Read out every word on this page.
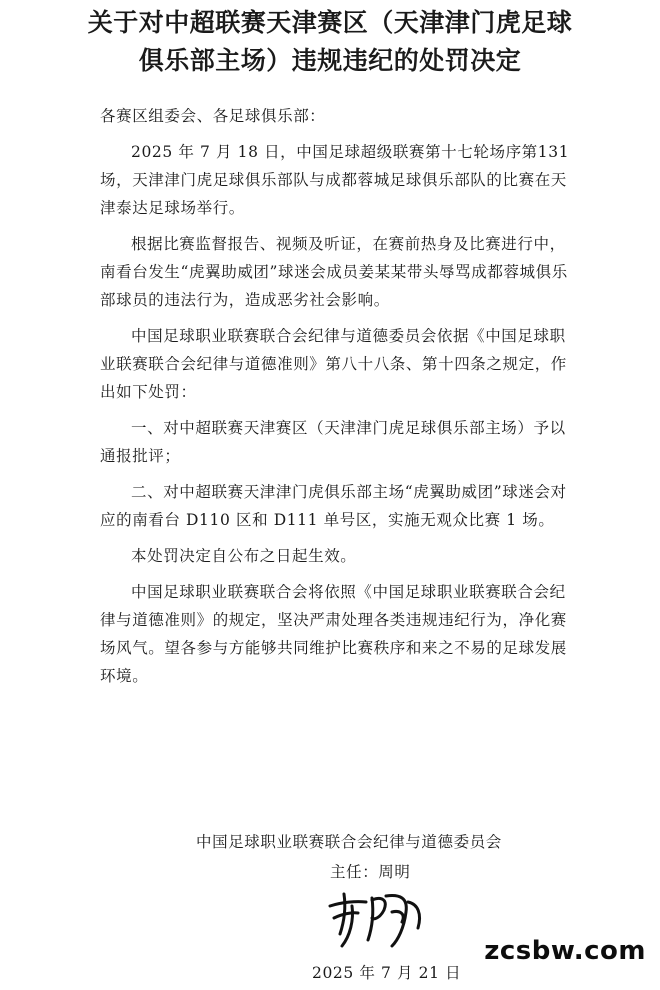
关于对中超联赛天津赛区（天津津门虎足球
俱乐部主场）违规违纪的处罚决定

各赛区组委会、各足球俱乐部：

2025 年 7 月 18 日，中国足球超级联赛第十七轮场序第131 场，天津津门虎足球俱乐部队与成都蓉城足球俱乐部队的比赛在天津泰达足球场举行。

根据比赛监督报告、视频及听证，在赛前热身及比赛进行中，南看台发生“虎翼助威团”球迷会成员姜某某带头辱骂成都蓉城俱乐部球员的违法行为，造成恶劣社会影响。

中国足球职业联赛联合会纪律与道德委员会依据《中国足球职业联赛联合会纪律与道德准则》第八十八条、第十四条之规定，作出如下处罚：

一、对中超联赛天津赛区（天津津门虎足球俱乐部主场）予以通报批评；

二、对中超联赛天津津门虎俱乐部主场“虎翼助威团”球迷会对应的南看台 D110 区和 D111 单号区，实施无观众比赛 1 场。

本处罚决定自公布之日起生效。

中国足球职业联赛联合会将依照《中国足球职业联赛联合会纪律与道德准则》的规定，坚决严肃处理各类违规违纪行为，净化赛场风气。望各参与方能够共同维护比赛秩序和来之不易的足球发展环境。

中国足球职业联赛联合会纪律与道德委员会
主任：周明
2025 年 7 月 21 日
zcsbw.com
